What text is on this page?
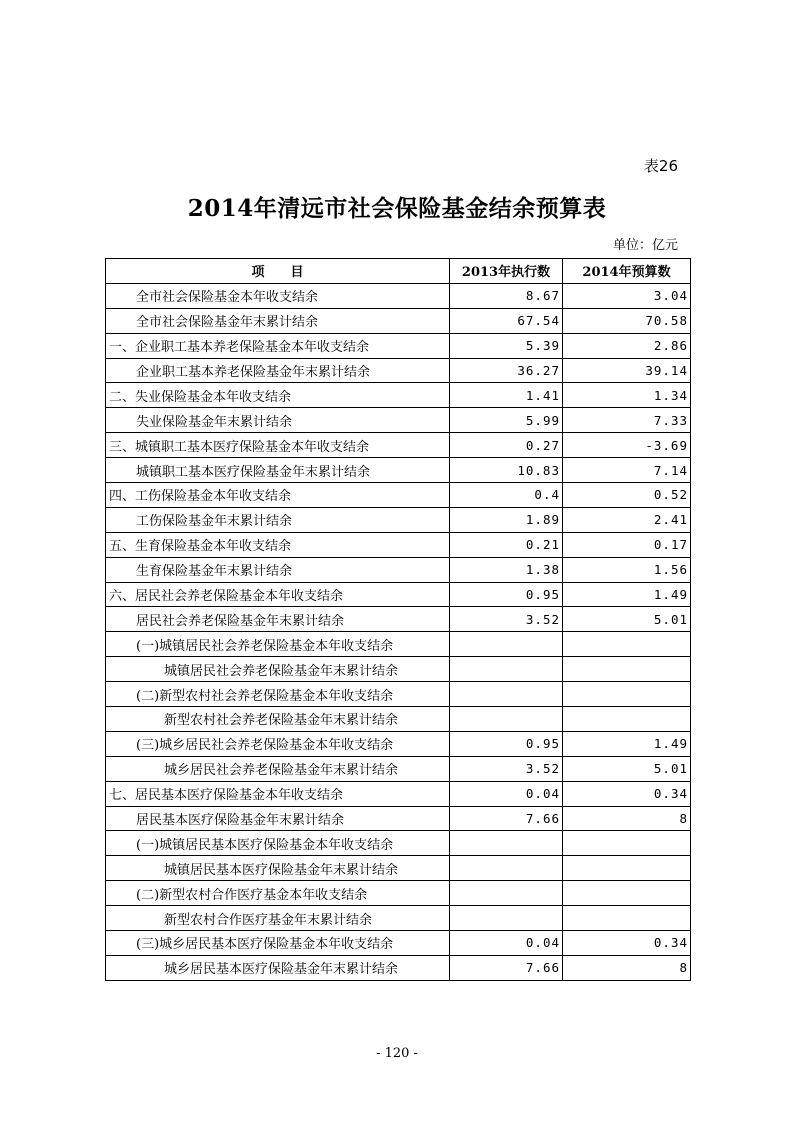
表26
2014年清远市社会保险基金结余预算表
单位：亿元
项　　目	2013年执行数	2014年预算数
全市社会保险基金本年收支结余	8.67	3.04
全市社会保险基金年末累计结余	67.54	70.58
一、企业职工基本养老保险基金本年收支结余	5.39	2.86
企业职工基本养老保险基金年末累计结余	36.27	39.14
二、失业保险基金本年收支结余	1.41	1.34
失业保险基金年末累计结余	5.99	7.33
三、城镇职工基本医疗保险基金本年收支结余	0.27	-3.69
城镇职工基本医疗保险基金年末累计结余	10.83	7.14
四、工伤保险基金本年收支结余	0.4	0.52
工伤保险基金年末累计结余	1.89	2.41
五、生育保险基金本年收支结余	0.21	0.17
生育保险基金年末累计结余	1.38	1.56
六、居民社会养老保险基金本年收支结余	0.95	1.49
居民社会养老保险基金年末累计结余	3.52	5.01
(一)城镇居民社会养老保险基金本年收支结余		
城镇居民社会养老保险基金年末累计结余		
(二)新型农村社会养老保险基金本年收支结余		
新型农村社会养老保险基金年末累计结余		
(三)城乡居民社会养老保险基金本年收支结余	0.95	1.49
城乡居民社会养老保险基金年末累计结余	3.52	5.01
七、居民基本医疗保险基金本年收支结余	0.04	0.34
居民基本医疗保险基金年末累计结余	7.66	8
(一)城镇居民基本医疗保险基金本年收支结余		
城镇居民基本医疗保险基金年末累计结余		
(二)新型农村合作医疗基金本年收支结余		
新型农村合作医疗基金年末累计结余		
(三)城乡居民基本医疗保险基金本年收支结余	0.04	0.34
城乡居民基本医疗保险基金年末累计结余	7.66	8
- 120 -
